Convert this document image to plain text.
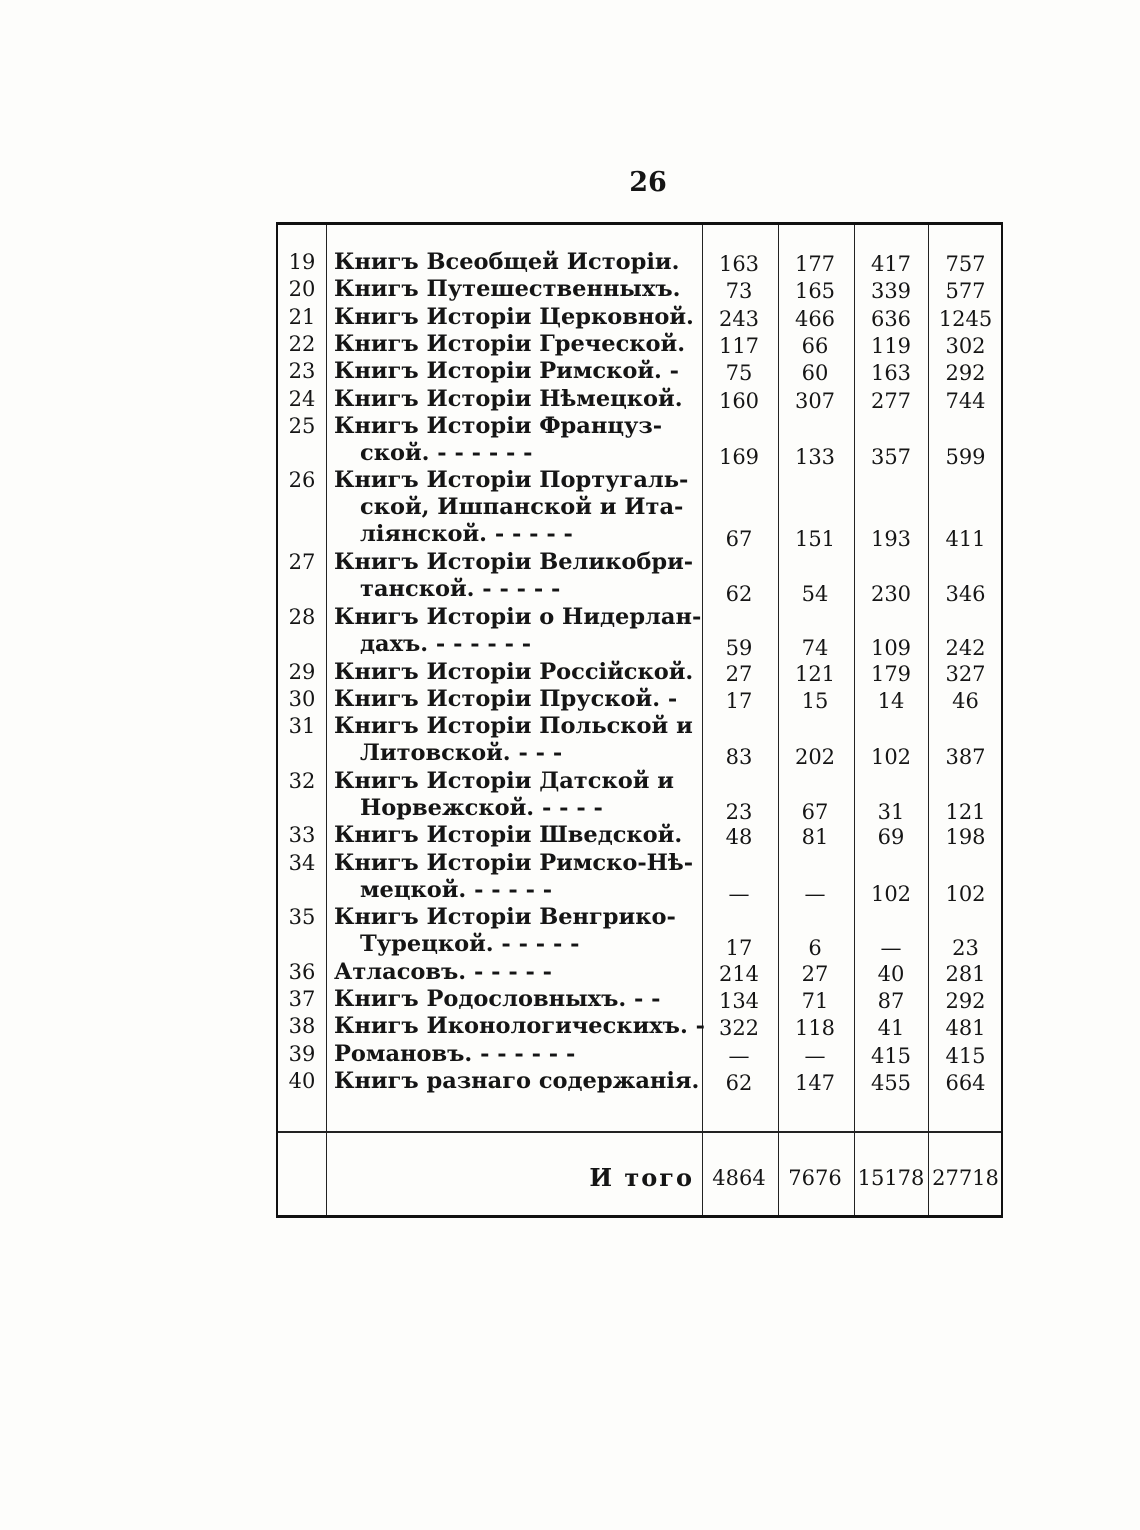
26
19 Книгъ Всеобщей Исторіи.	163	177	417	757
20 Книгъ Путешественныхъ.	73	165	339	577
21 Книгъ Исторіи Церковной.	243	466	636	1245
22 Книгъ Исторіи Греческой.	117	66	119	302
23 Книгъ Исторіи Римской. -	75	60	163	292
24 Книгъ Исторіи Нѣмецкой.	160	307	277	744
25 Книгъ Исторіи Француз-
ской. - - - - - -	169	133	357	599
26 Книгъ Исторіи Португаль-
ской, Ишпанской и Ита-
ліянской. - - - - -	67	151	193	411
27 Книгъ Исторіи Великобри-
танской. - - - - -	62	54	230	346
28 Книгъ Исторіи о Нидерлан-
дахъ. - - - - - -	59	74	109	242
29 Книгъ Исторіи Россійской.	27	121	179	327
30 Книгъ Исторіи Пруской. -	17	15	14	46
31 Книгъ Исторіи Польской и
Литовской. - - -	83	202	102	387
32 Книгъ Исторіи Датской и
Норвежской. - - - -	23	67	31	121
33 Книгъ Исторіи Шведской.	48	81	69	198
34 Книгъ Исторіи Римско-Нѣ-
мецкой. - - - - -	—	—	102	102
35 Книгъ Исторіи Венгрико-
Турецкой. - - - - -	17	6	—	23
36 Атласовъ. - - - - -	214	27	40	281
37 Книгъ Родословныхъ. - -	134	71	87	292
38 Книгъ Иконологическихъ. - 322	118	41	481
39 Романовъ. - - - - - -	—	—	415	415
40 Книгъ разнаго содержанія.	62	147	455	664
И того 4864	7676 15178 27718
